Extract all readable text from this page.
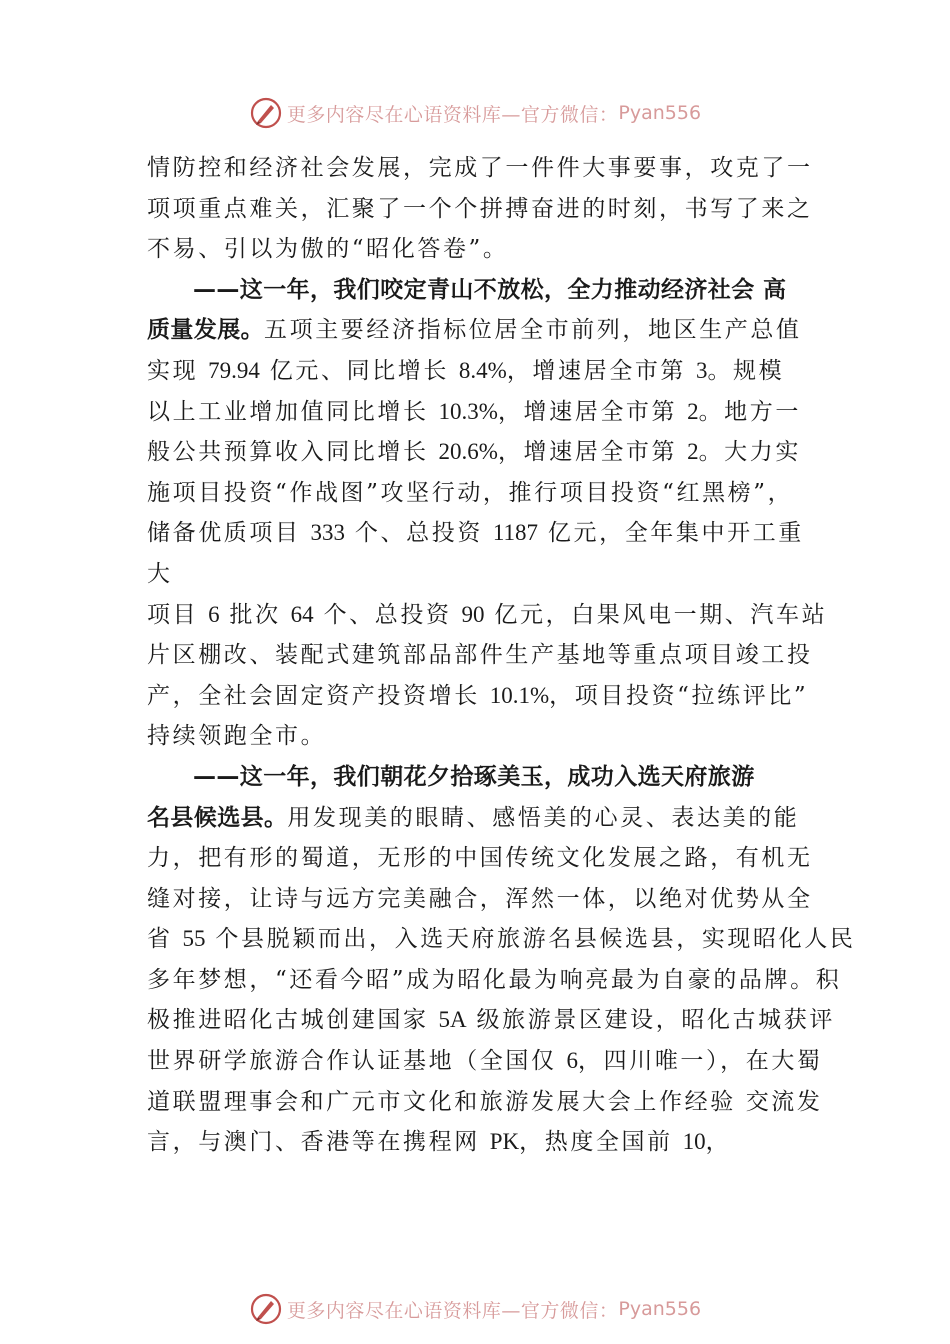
更多内容尽在心语资料库—官方微信： Pyan556
情防控和经济社会发展，完成了一件件大事要事，攻克了一
项项重点难关，汇聚了一个个拼搏奋进的时刻，书写了来之
不易、引以为傲的“昭化答卷”。
——这一年，我们咬定青山不放松，全力推动经济社会 高
质量发展。五项主要经济指标位居全市前列，地区生产总值
实现 79.94 亿元、同比增长 8.4%，增速居全市第 3。规模
以上工业增加值同比增长 10.3%，增速居全市第 2。地方一
般公共预算收入同比增长 20.6%，增速居全市第 2。大力实
施项目投资“作战图”攻坚行动，推行项目投资“红黑榜”，
储备优质项目 333 个、总投资 1187 亿元，全年集中开工重
大
项目 6 批次 64 个、总投资 90 亿元，白果风电一期、汽车站
片区棚改、装配式建筑部品部件生产基地等重点项目竣工投
产，全社会固定资产投资增长 10.1%，项目投资“拉练评比”
持续领跑全市。
——这一年，我们朝花夕拾琢美玉，成功入选天府旅游
名县候选县。用发现美的眼睛、感悟美的心灵、表达美的能
力，把有形的蜀道，无形的中国传统文化发展之路，有机无
缝对接，让诗与远方完美融合，浑然一体，以绝对优势从全
省 55 个县脱颖而出，入选天府旅游名县候选县，实现昭化人民
多年梦想，“还看今昭”成为昭化最为响亮最为自豪的品牌。积
极推进昭化古城创建国家 5A 级旅游景区建设，昭化古城获评
世界研学旅游合作认证基地（全国仅 6，四川唯一），在大蜀
道联盟理事会和广元市文化和旅游发展大会上作经验 交流发
言，与澳门、香港等在携程网 PK，热度全国前 10，
更多内容尽在心语资料库—官方微信： Pyan556
